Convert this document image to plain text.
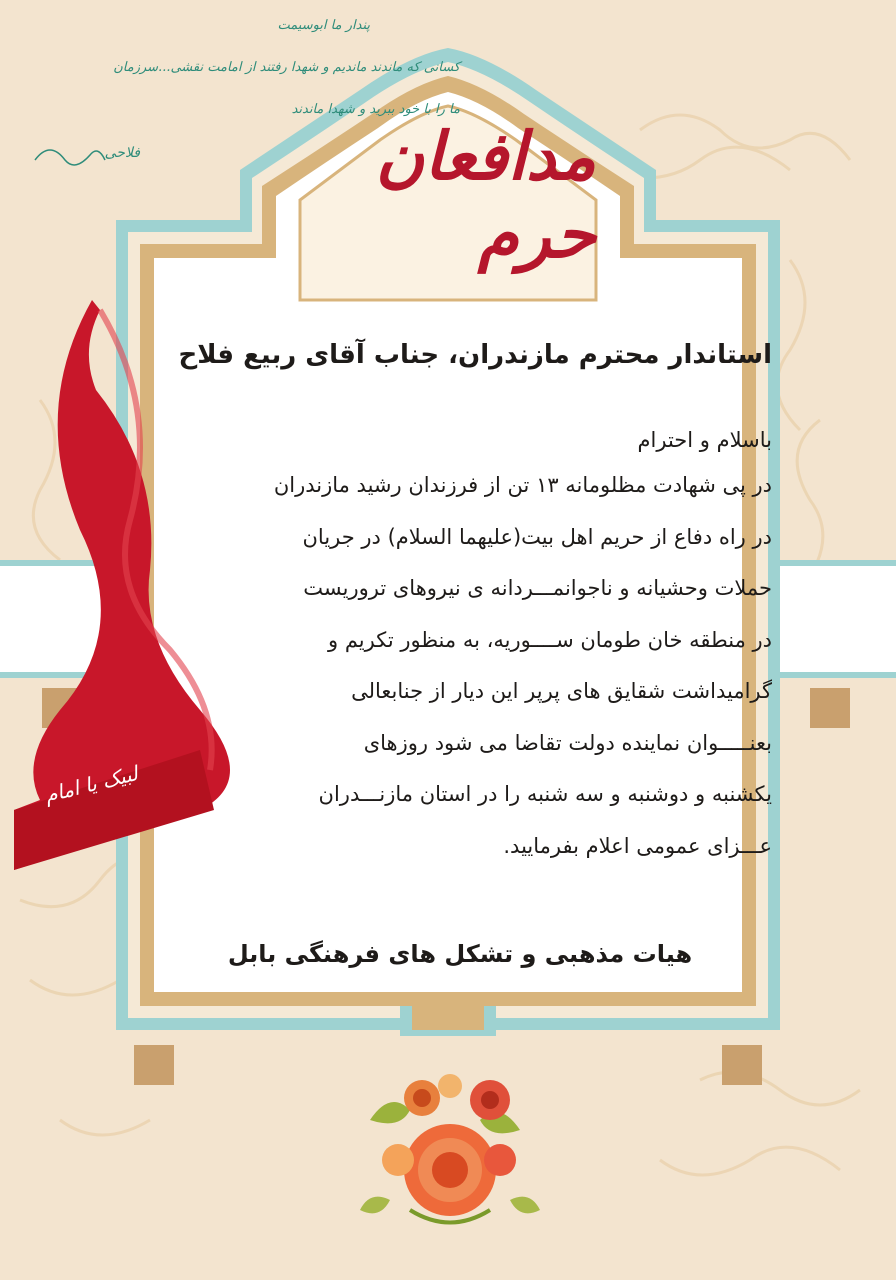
لبیک یا امام
پندار ما ابوسیمت
کسانی که ماندند ماندیم و شهدا رفتند از امامت نقشی...سرزمان
ما را با خود ببرید و شهدا ماندند
فلاحی	مدافعان حرم
استاندار محترم مازندران، جناب آقای ربیع فلاح
باسلام و احترام

در پی شهادت مظلومانه ۱۳ تن از فرزندان رشید مازندران

در راه دفاع از حریم اهل بیت(علیهما السلام) در جریان

حملات وحشیانه و ناجوانمـــردانه ی نیروهای تروریست

در منطقه خان طومان ســــوریه، به منظور تکریم و

گرامیداشت شقایق های پرپر این دیار از جنابعالی

بعنـــــوان نماینده دولت تقاضا می شود روزهای

یکشنبه و دوشنبه و سه شنبه را در استان مازنـــدران

عـــزای عمومی اعلام بفرمایید.

هیات مذهبی و تشکل های فرهنگی بابل
